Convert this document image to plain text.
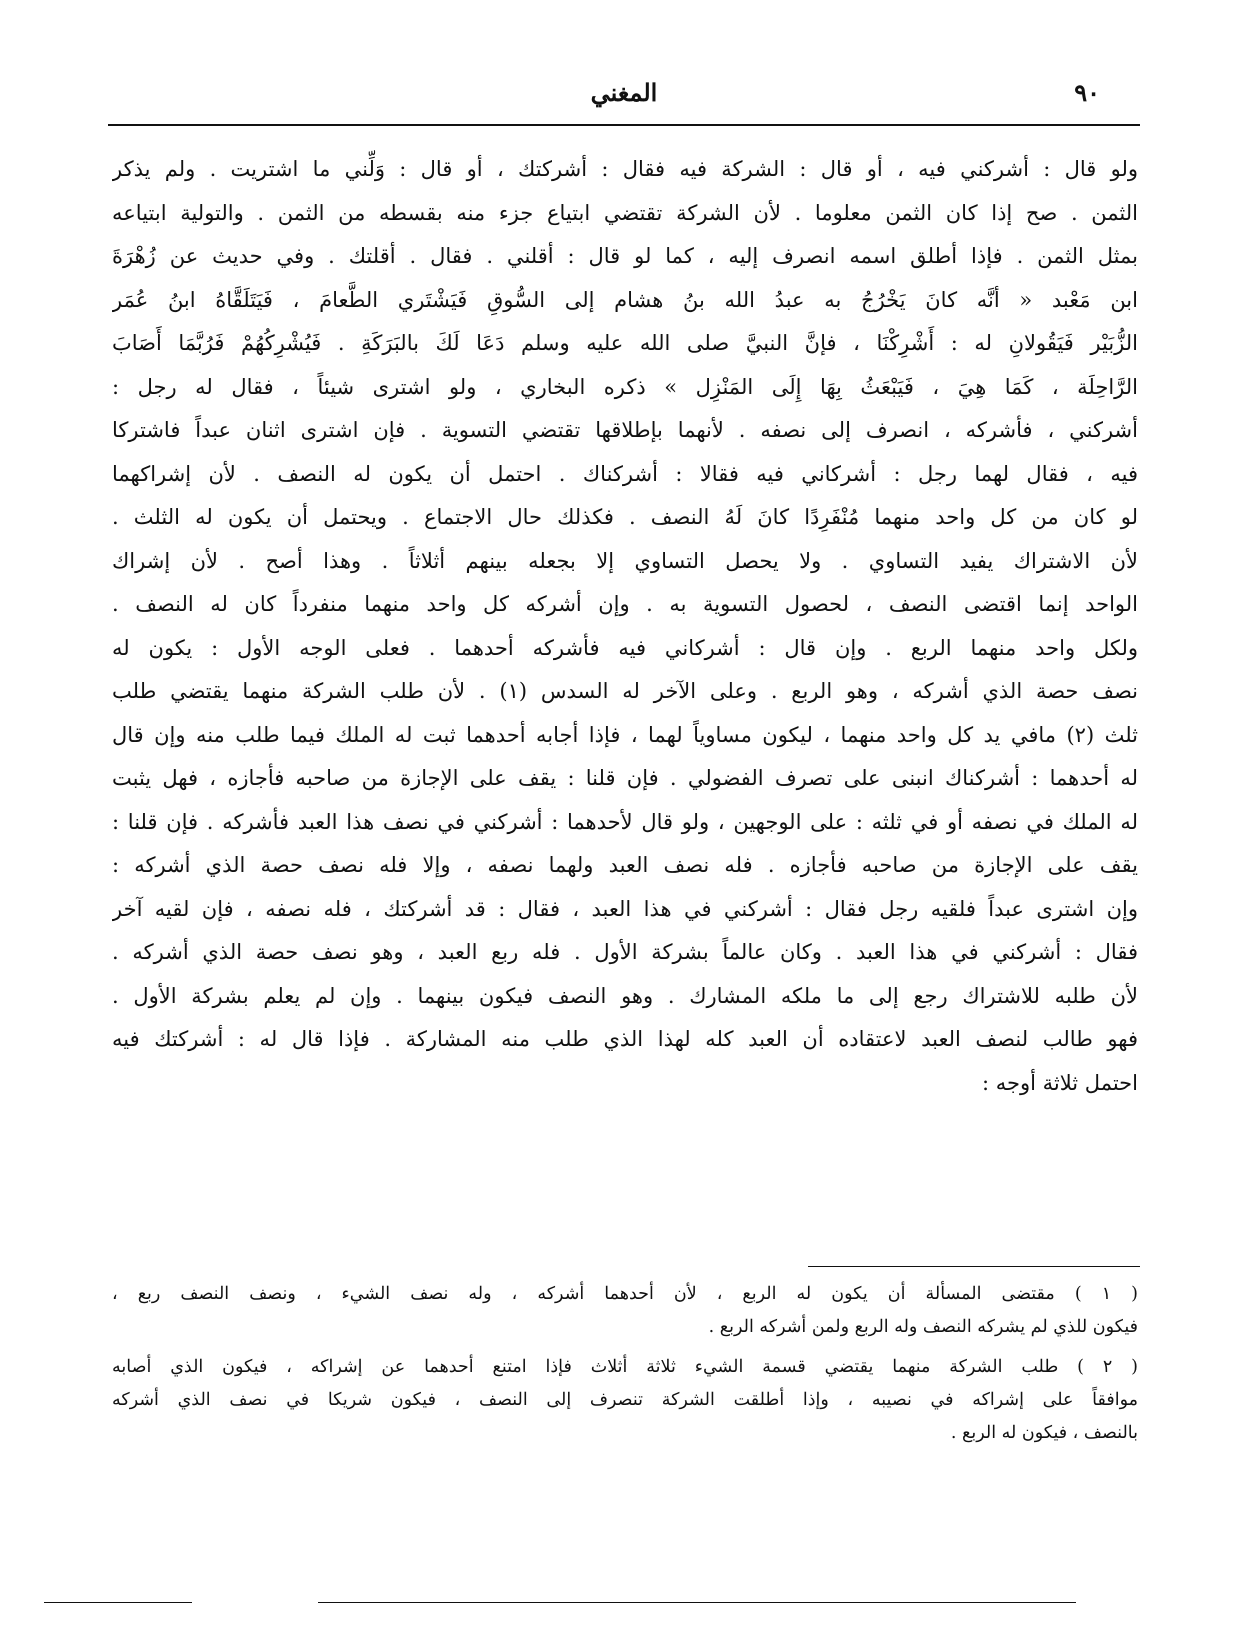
٩٠
المغني
ولو قال : أشركني فيه ، أو قال : الشركة فيه فقال : أشركتك ، أو قال : وَلِّني ما اشتريت . ولم يذكر
الثمن . صح إذا كان الثمن معلوما . لأن الشركة تقتضي ابتياع جزء منه بقسطه من الثمن . والتولية ابتياعه
بمثل الثمن . فإذا أطلق اسمه انصرف إليه ، كما لو قال : أقلني . فقال . أقلتك . وفي حديث عن زُهْرَةَ
ابن مَعْبد « أنَّه كانَ يَخْرُجُ به عبدُ الله بنُ هشام إلى السُّوقِ فَيَشْتَري الطَّعامَ ، فَيَتَلَقَّاهُ ابنُ عُمَر
الزُّبَيْر فَيَقُولانِ له : أَشْرِكْنَا ، فإنَّ النبيَّ صلى الله عليه وسلم دَعَا لَكَ بالبَرَكَةِ . فَيُشْرِكُهُمْ فَرُبَّمَا أَصَابَ
الرَّاحِلَة ، كَمَا هِيَ ، فَيَبْعَثُ بِهَا إِلَى المَنْزِل » ذكره البخاري ، ولو اشترى شيئاً ، فقال له رجل :
أشركني ، فأشركه ، انصرف إلى نصفه . لأنهما بإطلاقها تقتضي التسوية . فإن اشترى اثنان عبداً فاشتركا
فيه ، فقال لهما رجل : أشركاني فيه فقالا : أشركناك . احتمل أن يكون له النصف . لأن إشراكهما
لو كان من كل واحد منهما مُنْفَرِدًا كانَ لَهُ النصف . فكذلك حال الاجتماع . ويحتمل أن يكون له الثلث .
لأن الاشتراك يفيد التساوي . ولا يحصل التساوي إلا بجعله بينهم أثلاثاً . وهذا أصح . لأن إشراك
الواحد إنما اقتضى النصف ، لحصول التسوية به . وإن أشركه كل واحد منهما منفرداً كان له النصف .
ولكل واحد منهما الربع . وإن قال : أشركاني فيه فأشركه أحدهما . فعلى الوجه الأول : يكون له
نصف حصة الذي أشركه ، وهو الربع . وعلى الآخر له السدس (١) . لأن طلب الشركة منهما يقتضي طلب
ثلث (٢) مافي يد كل واحد منهما ، ليكون مساوياً لهما ، فإذا أجابه أحدهما ثبت له الملك فيما طلب منه وإن قال
له أحدهما : أشركناك انبنى على تصرف الفضولي . فإن قلنا : يقف على الإجازة من صاحبه فأجازه ، فهل يثبت
له الملك في نصفه أو في ثلثه : على الوجهين ، ولو قال لأحدهما : أشركني في نصف هذا العبد فأشركه . فإن قلنا :
يقف على الإجازة من صاحبه فأجازه . فله نصف العبد ولهما نصفه ، وإلا فله نصف حصة الذي أشركه :
وإن اشترى عبداً فلقيه رجل فقال : أشركني في هذا العبد ، فقال : قد أشركتك ، فله نصفه ، فإن لقيه آخر
فقال : أشركني في هذا العبد . وكان عالماً بشركة الأول . فله ربع العبد ، وهو نصف حصة الذي أشركه .
لأن طلبه للاشتراك رجع إلى ما ملكه المشارك . وهو النصف فيكون بينهما . وإن لم يعلم بشركة الأول .
فهو طالب لنصف العبد لاعتقاده أن العبد كله لهذا الذي طلب منه المشاركة . فإذا قال له : أشركتك فيه
احتمل ثلاثة أوجه :
( ١ ) مقتضى المسألة أن يكون له الربع ، لأن أحدهما أشركه ، وله نصف الشيء ، ونصف النصف ربع ،
فيكون للذي لم يشركه النصف وله الربع ولمن أشركه الربع .
( ٢ ) طلب الشركة منهما يقتضي قسمة الشيء ثلاثة أثلاث فإذا امتنع أحدهما عن إشراكه ، فيكون الذي أصابه
موافقاً على إشراكه في نصيبه ، وإذا أطلقت الشركة تنصرف إلى النصف ، فيكون شريكا في نصف الذي أشركه
بالنصف ، فيكون له الربع .
